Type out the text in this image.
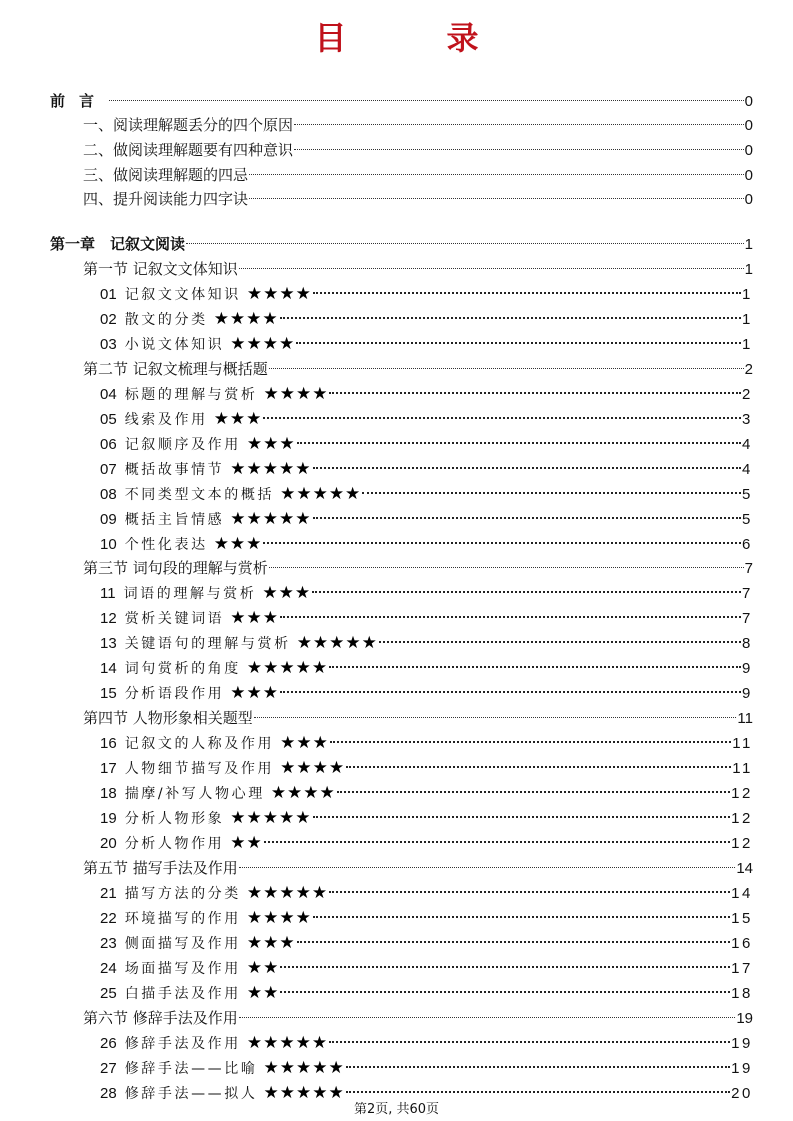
目　录
前言	0
一、阅读理解题丢分的四个原因	0
二、做阅读理解题要有四种意识	0
三、做阅读理解题的四忌	0
四、提升阅读能力四字诀	0
第一章　记叙文阅读	1
第一节 记叙文文体知识	1
01 记叙文文体知识 ★★★★	1
02 散文的分类 ★★★★	1
03 小说文体知识 ★★★★	1
第二节 记叙文梳理与概括题	2
04 标题的理解与赏析 ★★★★	2
05 线索及作用 ★★★	3
06 记叙顺序及作用 ★★★	4
07 概括故事情节 ★★★★★	4
08 不同类型文本的概括 ★★★★★	5
09 概括主旨情感 ★★★★★	5
10 个性化表达 ★★★	6
第三节 词句段的理解与赏析	7
11 词语的理解与赏析 ★★★	7
12 赏析关键词语 ★★★	7
13 关键语句的理解与赏析 ★★★★★	8
14 词句赏析的角度 ★★★★★	9
15 分析语段作用 ★★★	9
第四节 人物形象相关题型	11
16 记叙文的人称及作用 ★★★	11
17 人物细节描写及作用 ★★★★	11
18 揣摩/补写人物心理 ★★★★	12
19 分析人物形象 ★★★★★	12
20 分析人物作用 ★★	12
第五节 描写手法及作用	14
21 描写方法的分类 ★★★★★	14
22 环境描写的作用 ★★★★	15
23 侧面描写及作用 ★★★	16
24 场面描写及作用 ★★	17
25 白描手法及作用 ★★	18
第六节 修辞手法及作用	19
26 修辞手法及作用 ★★★★★	19
27 修辞手法——比喻 ★★★★★	19
28 修辞手法——拟人 ★★★★★	20
第2页, 共60页
